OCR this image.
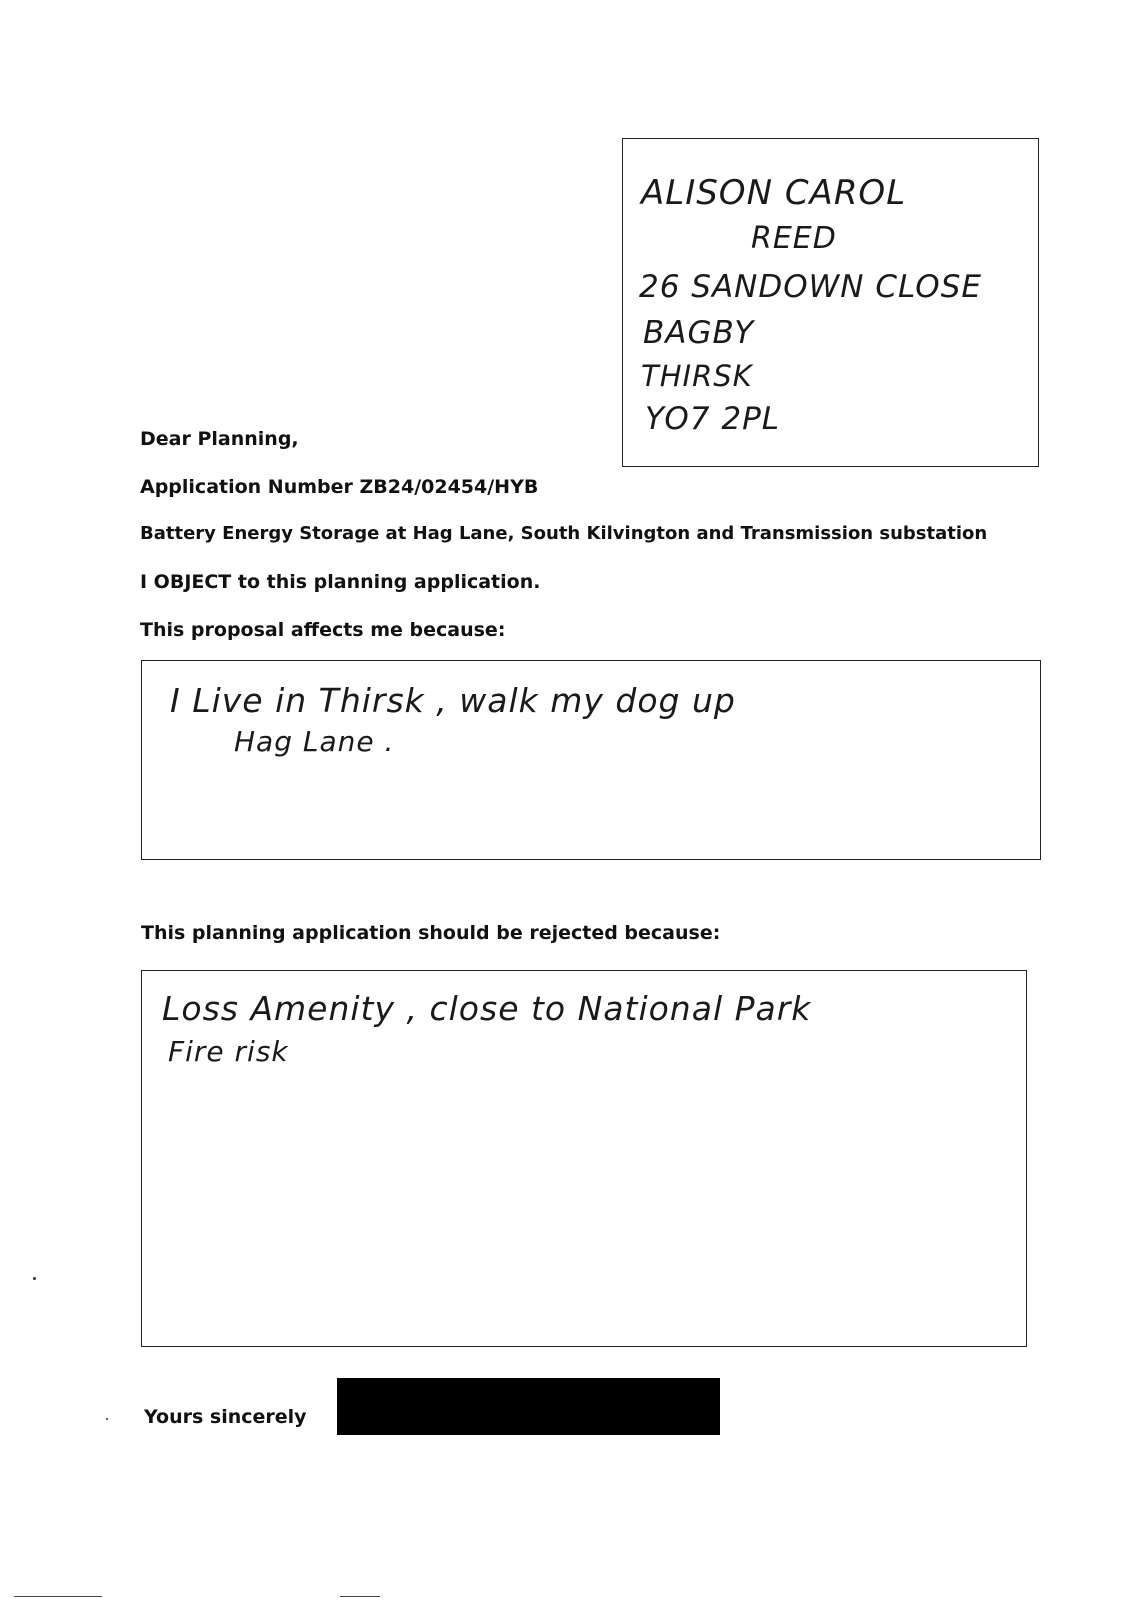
ALISON CAROL
REED
26 SANDOWN CLOSE
BAGBY
THIRSK
YO7 2PL
Dear Planning,
Application Number ZB24/02454/HYB
Battery Energy Storage at Hag Lane, South Kilvington and Transmission substation
I OBJECT to this planning application.
This proposal affects me because:
I Live in Thirsk , walk my dog up
Hag Lane .
This planning application should be rejected because:
Loss Amenity , close to National Park
Fire risk
Yours sincerely
